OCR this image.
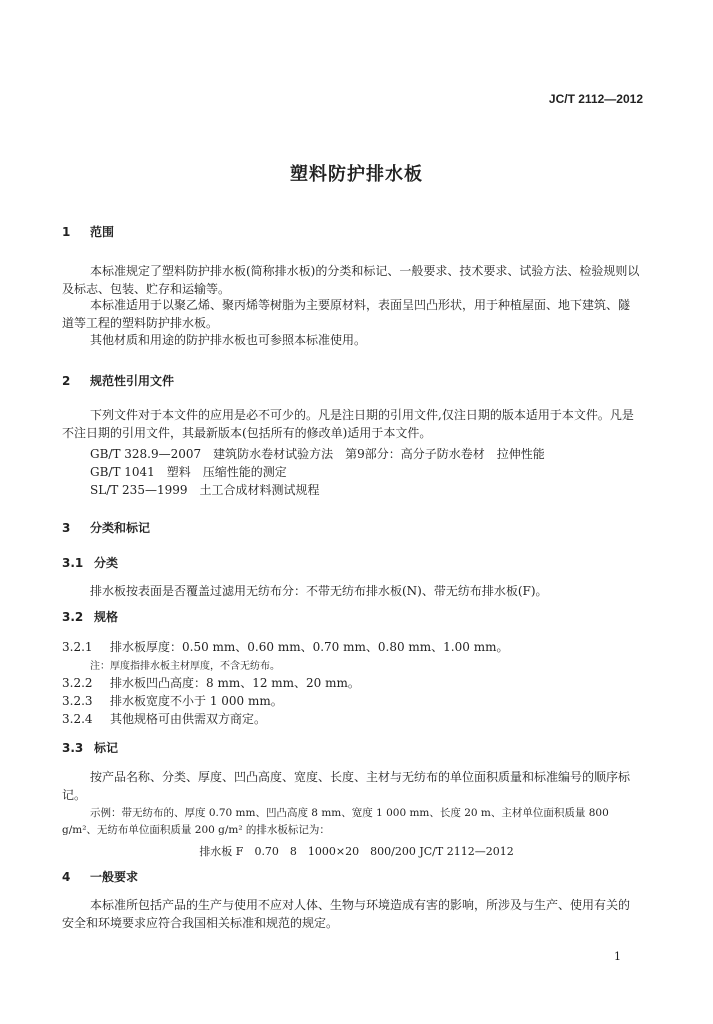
JC/T 2112—2012
塑料防护排水板
1 范围
本标准规定了塑料防护排水板(简称排水板)的分类和标记、一般要求、技术要求、试验方法、检验规则以及标志、包装、贮存和运输等。
本标准适用于以聚乙烯、聚丙烯等树脂为主要原材料，表面呈凹凸形状，用于种植屋面、地下建筑、隧道等工程的塑料防护排水板。
其他材质和用途的防护排水板也可参照本标准使用。
2 规范性引用文件
下列文件对于本文件的应用是必不可少的。凡是注日期的引用文件,仅注日期的版本适用于本文件。凡是不注日期的引用文件，其最新版本(包括所有的修改单)适用于本文件。
GB/T 328.9—2007　建筑防水卷材试验方法　第9部分：高分子防水卷材　拉伸性能
GB/T 1041　塑料　压缩性能的测定
SL/T 235—1999　土工合成材料测试规程
3 分类和标记
3.1 分类
排水板按表面是否覆盖过滤用无纺布分：不带无纺布排水板(N)、带无纺布排水板(F)。
3.2 规格
3.2.1 排水板厚度：0.50 mm、0.60 mm、0.70 mm、0.80 mm、1.00 mm。
注：厚度指排水板主材厚度，不含无纺布。
3.2.2 排水板凹凸高度：8 mm、12 mm、20 mm。
3.2.3 排水板宽度不小于 1 000 mm。
3.2.4 其他规格可由供需双方商定。
3.3 标记
按产品名称、分类、厚度、凹凸高度、宽度、长度、主材与无纺布的单位面积质量和标准编号的顺序标记。
示例：带无纺布的、厚度 0.70 mm、凹凸高度 8 mm、宽度 1 000 mm、长度 20 m、主材单位面积质量 800 g/m²、无纺布单位面积质量 200 g/m² 的排水板标记为：
排水板 F　0.70　8　1000×20　800/200 JC/T 2112—2012
4 一般要求
本标准所包括产品的生产与使用不应对人体、生物与环境造成有害的影响，所涉及与生产、使用有关的安全和环境要求应符合我国相关标准和规范的规定。
1
